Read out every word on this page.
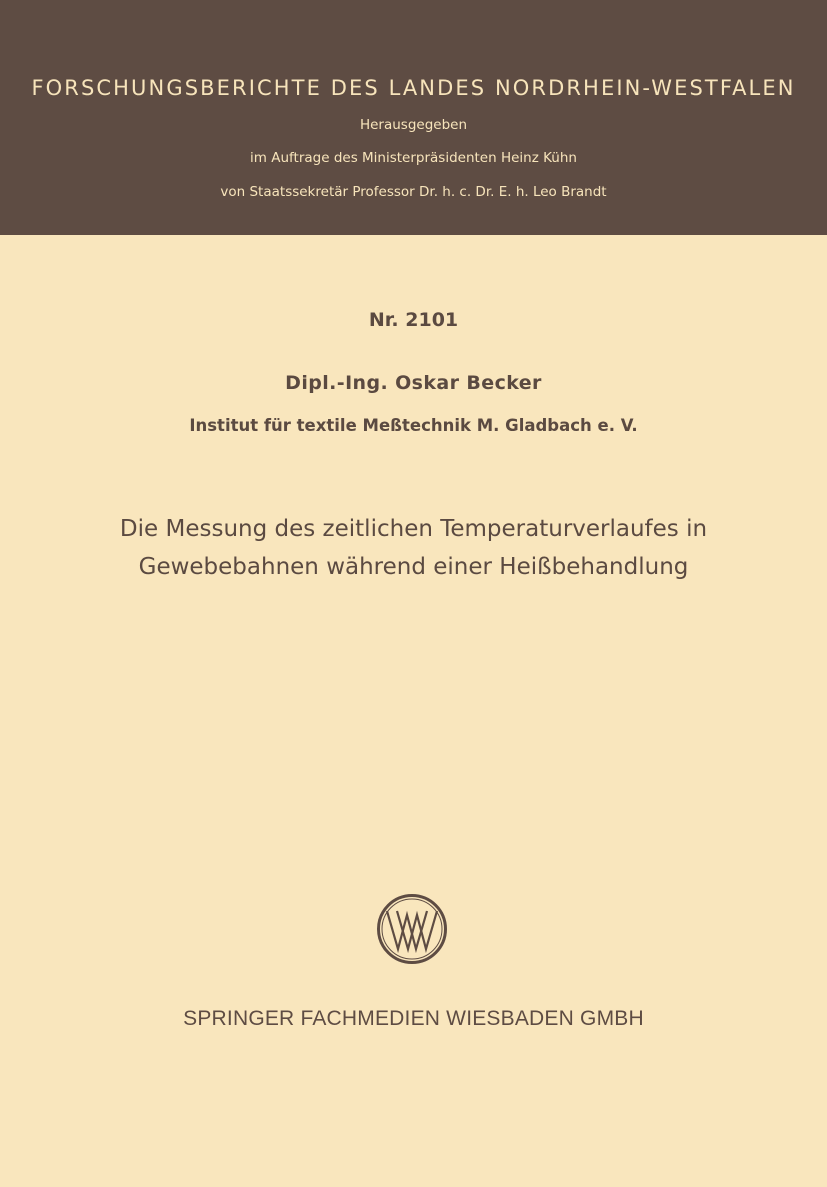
FORSCHUNGSBERICHTE DES LANDES NORDRHEIN-WESTFALEN
Herausgegeben
im Auftrage des Ministerpräsidenten Heinz Kühn
von Staatssekretär Professor Dr. h. c. Dr. E. h. Leo Brandt
Nr. 2101
Dipl.-Ing. Oskar Becker
Institut für textile Meßtechnik M. Gladbach e. V.
Die Messung des zeitlichen Temperaturverlaufes in
Gewebebahnen während einer Heißbehandlung
SPRINGER FACHMEDIEN WIESBADEN GMBH
